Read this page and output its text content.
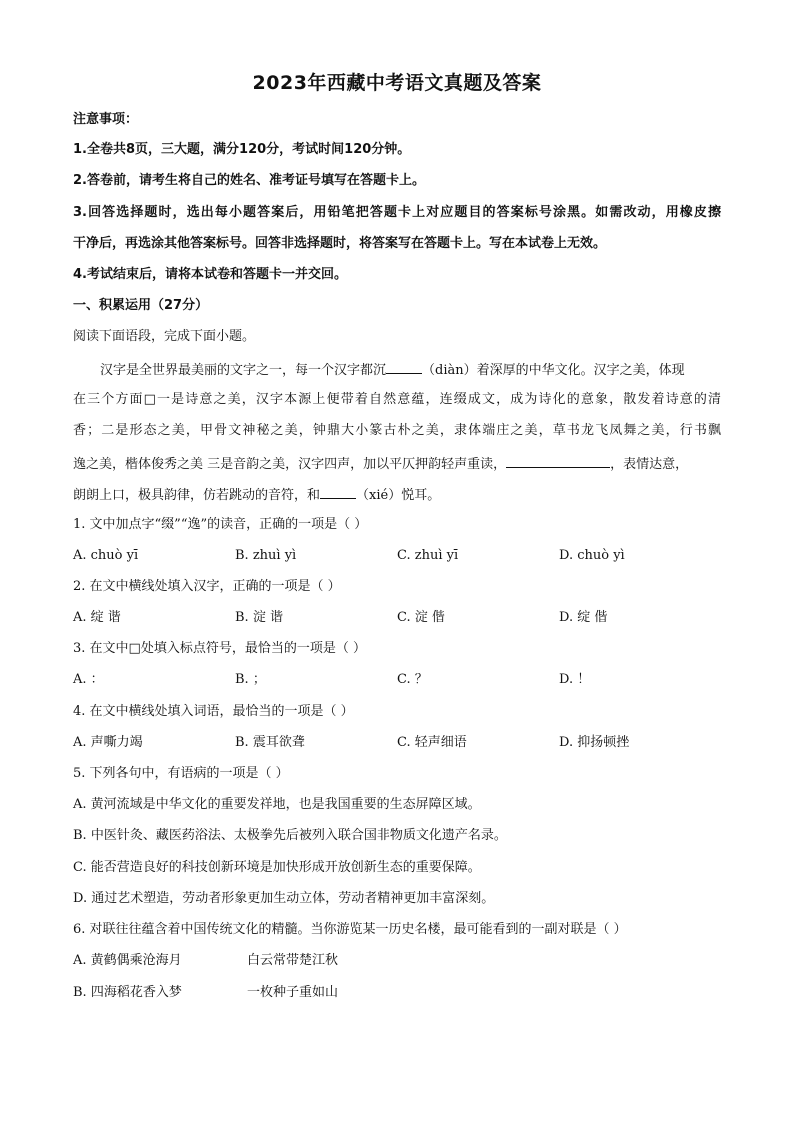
2023年西藏中考语文真题及答案
注意事项：
1.全卷共8页，三大题，满分120分，考试时间120分钟。
2.答卷前，请考生将自己的姓名、准考证号填写在答题卡上。
3.回答选择题时，选出每小题答案后，用铅笔把答题卡上对应题目的答案标号涂黑。如需改动，用橡皮擦
干净后，再选涂其他答案标号。回答非选择题时，将答案写在答题卡上。写在本试卷上无效。
4.考试结束后，请将本试卷和答题卡一并交回。
一、积累运用（27分）
阅读下面语段，完成下面小题。
汉字是全世界最美丽的文字之一，每一个汉字都沉	（diàn）着深厚的中华文化。汉字之美，体现
在三个方面□一是诗意之美，汉字本源上便带着自然意蕴，连缀成文，成为诗化的意象，散发着诗意的清
香；二是形态之美，甲骨文神秘之美，钟鼎大小篆古朴之美，隶体端庄之美，草书龙飞凤舞之美，行书飘
逸之美，楷体俊秀之美 三是音韵之美，汉字四声，加以平仄押韵轻声重读，	，表情达意，
朗朗上口，极具韵律，仿若跳动的音符，和	（xié）悦耳。
1. 文中加点字“缀”“逸”的读音，正确的一项是（ ）
A. chuò yī	B. zhuì yì	C. zhuì yī	D. chuò yì
2. 在文中横线处填入汉字，正确的一项是（ ）
A. 绽 谐	B. 淀 谐	C. 淀 偕	D. 绽 偕
3. 在文中□处填入标点符号，最恰当的一项是（ ）
A. ：	B. ；	C. ？	D. ！
4. 在文中横线处填入词语，最恰当的一项是（ ）
A. 声嘶力竭	B. 震耳欲聋	C. 轻声细语	D. 抑扬顿挫
5. 下列各句中，有语病的一项是（ ）
A. 黄河流域是中华文化的重要发祥地，也是我国重要的生态屏障区域。
B. 中医针灸、藏医药浴法、太极拳先后被列入联合国非物质文化遗产名录。
C. 能否营造良好的科技创新环境是加快形成开放创新生态的重要保障。
D. 通过艺术塑造，劳动者形象更加生动立体，劳动者精神更加丰富深刻。
6. 对联往往蕴含着中国传统文化的精髓。当你游览某一历史名楼，最可能看到的一副对联是（ ）
A. 黄鹤偶乘沧海月	白云常带楚江秋
B. 四海稻花香入梦	一枚种子重如山
